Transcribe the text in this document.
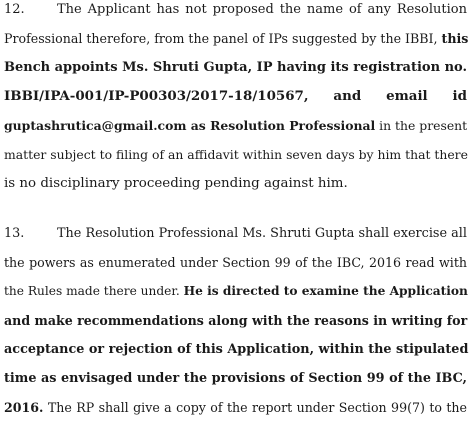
12.	The Applicant has not proposed the name of any Resolution
Professional therefore, from the panel of IPs suggested by the IBBI, this
Bench appoints Ms. Shruti Gupta, IP having its registration no.
IBBI/IPA-001/IP-P00303/2017-18/10567, and email id
guptashrutica@gmail.com as Resolution Professional in the present
matter subject to filing of an affidavit within seven days by him that there
is no disciplinary proceeding pending against him.
13.	The Resolution Professional Ms. Shruti Gupta shall exercise all
the powers as enumerated under Section 99 of the IBC, 2016 read with
the Rules made there under. He is directed to examine the Application
and make recommendations along with the reasons in writing for
acceptance or rejection of this Application, within the stipulated
time as envisaged under the provisions of Section 99 of the IBC,
2016. The RP shall give a copy of the report under Section 99(7) to the
